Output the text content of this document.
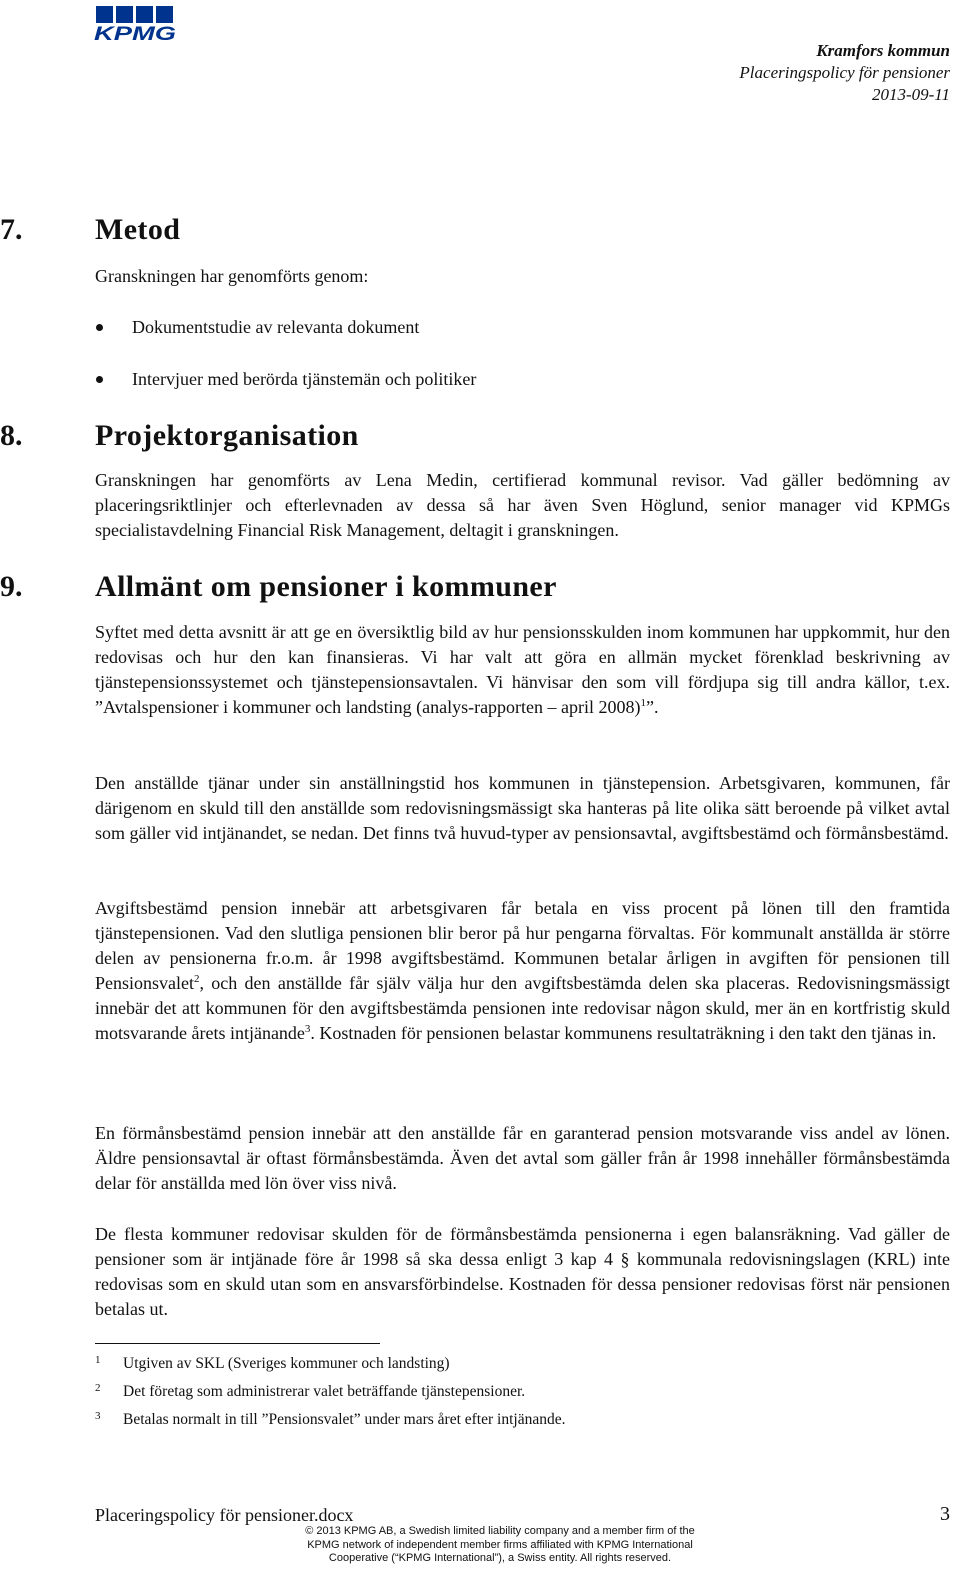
KPMG
Kramfors kommun
Placeringspolicy för pensioner
2013-09-11
7. Metod
Granskningen har genomförts genom:
Dokumentstudie av relevanta dokument
Intervjuer med berörda tjänstemän och politiker
8. Projektorganisation
Granskningen har genomförts av Lena Medin, certifierad kommunal revisor. Vad gäller bedömning av placeringsriktlinjer och efterlevnaden av dessa så har även Sven Höglund, senior manager vid KPMGs specialistavdelning Financial Risk Management, deltagit i granskningen.
9. Allmänt om pensioner i kommuner
Syftet med detta avsnitt är att ge en översiktlig bild av hur pensionsskulden inom kommunen har uppkommit, hur den redovisas och hur den kan finansieras. Vi har valt att göra en allmän mycket förenklad beskrivning av tjänstepensionssystemet och tjänstepensionsavtalen. Vi hänvisar den som vill fördjupa sig till andra källor, t.ex. ”Avtalspensioner i kommuner och landsting (analys-rapporten – april 2008)$^1$”.
Den anställde tjänar under sin anställningstid hos kommunen in tjänstepension. Arbetsgivaren, kommunen, får därigenom en skuld till den anställde som redovisningsmässigt ska hanteras på lite olika sätt beroende på vilket avtal som gäller vid intjänandet, se nedan. Det finns två huvud-typer av pensionsavtal, avgiftsbestämd och förmånsbestämd.
Avgiftsbestämd pension innebär att arbetsgivaren får betala en viss procent på lönen till den framtida tjänstepensionen. Vad den slutliga pensionen blir beror på hur pengarna förvaltas. För kommunalt anställda är större delen av pensionerna fr.o.m. år 1998 avgiftsbestämd. Kommunen betalar årligen in avgiften för pensionen till Pensionsvalet$^2$, och den anställde får själv välja hur den avgiftsbestämda delen ska placeras. Redovisningsmässigt innebär det att kommunen för den avgiftsbestämda pensionen inte redovisar någon skuld, mer än en kortfristig skuld motsvarande årets intjänande$^3$. Kostnaden för pensionen belastar kommunens resultaträkning i den takt den tjänas in.
En förmånsbestämd pension innebär att den anställde får en garanterad pension motsvarande viss andel av lönen. Äldre pensionsavtal är oftast förmånsbestämda. Även det avtal som gäller från år 1998 innehåller förmånsbestämda delar för anställda med lön över viss nivå.
De flesta kommuner redovisar skulden för de förmånsbestämda pensionerna i egen balansräkning. Vad gäller de pensioner som är intjänade före år 1998 så ska dessa enligt 3 kap 4 § kommunala redovisningslagen (KRL) inte redovisas som en skuld utan som en ansvarsförbindelse. Kostnaden för dessa pensioner redovisas först när pensionen betalas ut.
1 Utgiven av SKL (Sveriges kommuner och landsting)
2 Det företag som administrerar valet beträffande tjänstepensioner.
3 Betalas normalt in till ”Pensionsvalet” under mars året efter intjänande.
Placeringspolicy för pensioner.docx	3
© 2013 KPMG AB, a Swedish limited liability company and a member firm of the
KPMG network of independent member firms affiliated with KPMG International
Cooperative (“KPMG International”), a Swiss entity. All rights reserved.
